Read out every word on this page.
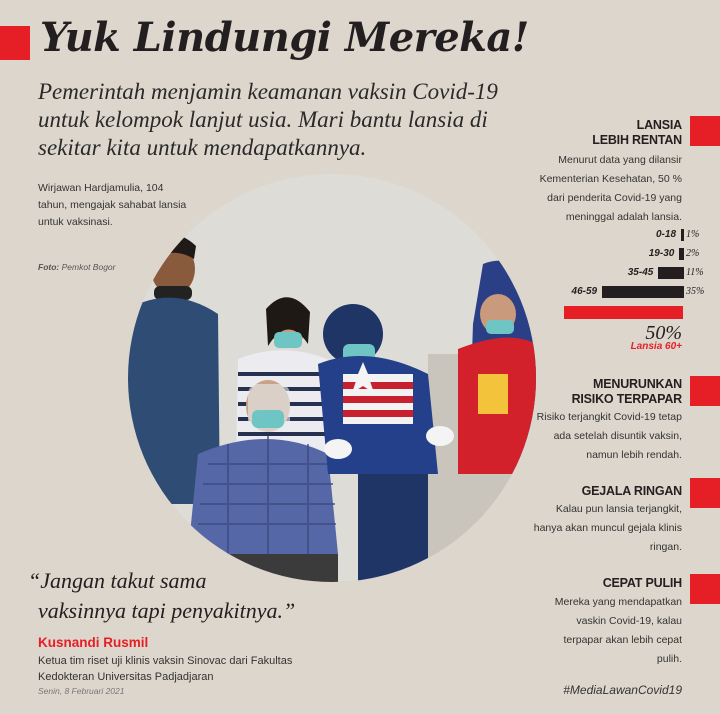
Yuk Lindungi Mereka!

Pemerintah menjamin keamanan vaksin Covid-19 untuk kelompok lanjut usia. Mari bantu lansia di sekitar kita untuk mendapatkannya.

Wirjawan Hardjamulia, 104 tahun, mengajak sahabat lansia untuk vaksinasi.

Foto: Pemkot Bogor

LANSIA
LEBIH RENTAN

Menurut data yang dilansir Kementerian Kesehatan, 50 % dari penderita Covid-19 yang meninggal adalah lansia.

0-18 1%
19-30 2%
35-45	11%
46-59	35%
50%
Lansia 60+
MENURUNKAN
RISIKO TERPAPAR

Risiko terjangkit Covid-19 tetap ada setelah disuntik vaksin, namun lebih rendah.

GEJALA RINGAN

Kalau pun lansia terjangkit, hanya akan muncul gejala klinis ringan.

CEPAT PULIH

Mereka yang mendapatkan vaskin Covid-19, kalau terpapar akan lebih cepat pulih.

“Jangan takut sama
vaksinnya tapi penyakitnya.”

Kusnandi Rusmil

Ketua tim riset uji klinis vaksin Sinovac dari Fakultas Kedokteran Universitas Padjadjaran

Senin, 8 Februari 2021	#MediaLawanCovid19
